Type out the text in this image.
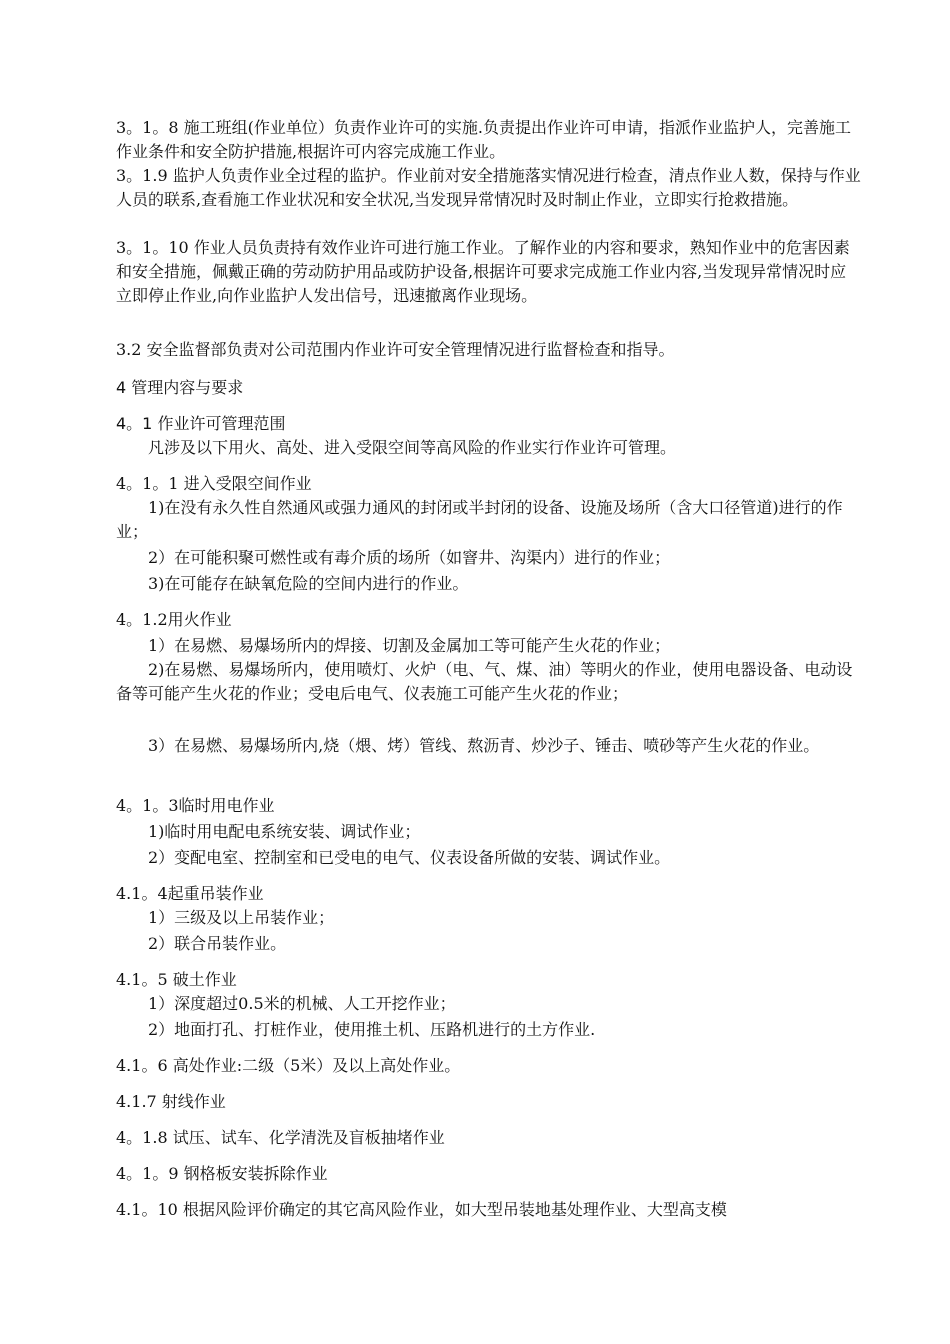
3。1。8 施工班组(作业单位）负责作业许可的实施.负责提出作业许可申请，指派作业监护人，完善施工作业条件和安全防护措施,根据许可内容完成施工作业。

3。1.9 监护人负责作业全过程的监护。作业前对安全措施落实情况进行检查，清点作业人数，保持与作业人员的联系,查看施工作业状况和安全状况,当发现异常情况时及时制止作业，立即实行抢救措施。

3。1。10 作业人员负责持有效作业许可进行施工作业。了解作业的内容和要求，熟知作业中的危害因素和安全措施，佩戴正确的劳动防护用品或防护设备,根据许可要求完成施工作业内容,当发现异常情况时应立即停止作业,向作业监护人发出信号，迅速撤离作业现场。

3.2 安全监督部负责对公司范围内作业许可安全管理情况进行监督检查和指导。

4 管理内容与要求

4。1 作业许可管理范围

凡涉及以下用火、高处、进入受限空间等高风险的作业实行作业许可管理。

4。1。1 进入受限空间作业

1)在没有永久性自然通风或强力通风的封闭或半封闭的设备、设施及场所（含大口径管道)进行的作业；

2）在可能积聚可燃性或有毒介质的场所（如窨井、沟渠内）进行的作业；

3)在可能存在缺氧危险的空间内进行的作业。

4。1.2用火作业

1）在易燃、易爆场所内的焊接、切割及金属加工等可能产生火花的作业；

2)在易燃、易爆场所内，使用喷灯、火炉（电、气、煤、油）等明火的作业，使用电器设备、电动设备等可能产生火花的作业；受电后电气、仪表施工可能产生火花的作业；

3）在易燃、易爆场所内,烧（煨、烤）管线、熬沥青、炒沙子、锤击、喷砂等产生火花的作业。

4。1。3临时用电作业

1)临时用电配电系统安装、调试作业；

2）变配电室、控制室和已受电的电气、仪表设备所做的安装、调试作业。

4.1。4起重吊装作业

1）三级及以上吊装作业；

2）联合吊装作业。

4.1。5 破土作业

1）深度超过0.5米的机械、人工开挖作业；

2）地面打孔、打桩作业，使用推土机、压路机进行的土方作业.

4.1。6 高处作业:二级（5米）及以上高处作业。

4.1.7 射线作业

4。1.8 试压、试车、化学清洗及盲板抽堵作业

4。1。9 钢格板安装拆除作业

4.1。10 根据风险评价确定的其它高风险作业，如大型吊装地基处理作业、大型高支模
